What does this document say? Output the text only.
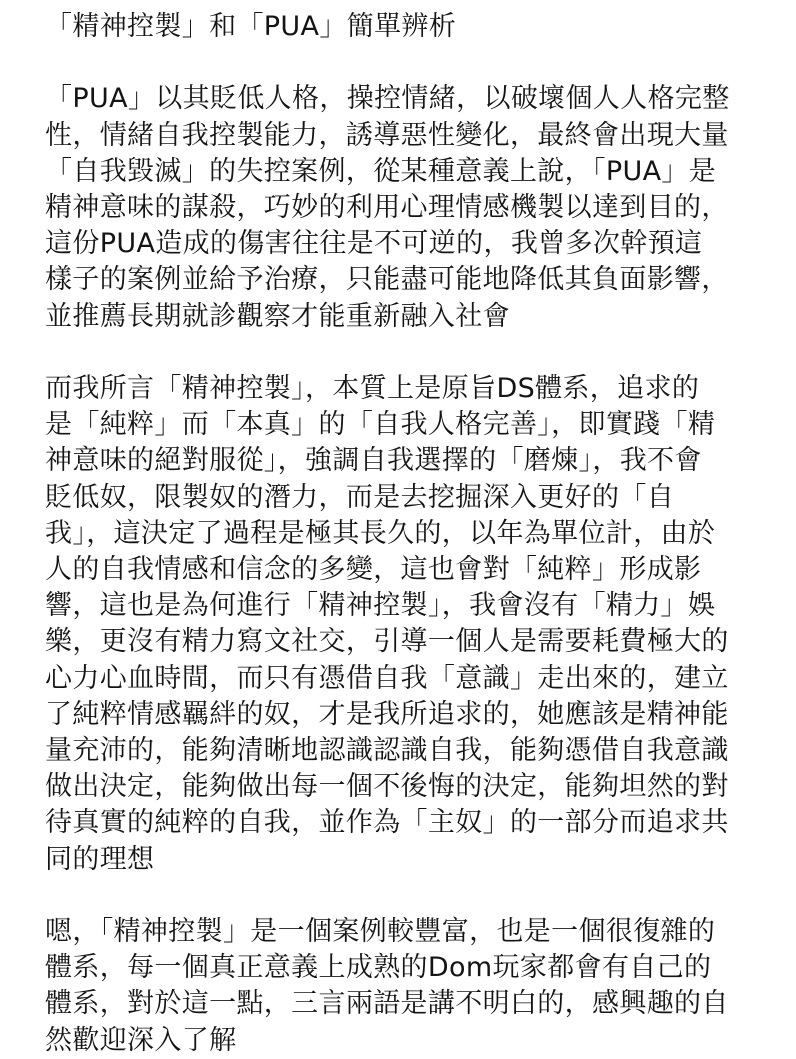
「精神控製」和「PUA」簡單辨析
「PUA」以其貶低人格，操控情緒，以破壞個人人格完整
性，情緒自我控製能力，誘導惡性變化，最終會出現大量
「自我毀滅」的失控案例，從某種意義上說，「PUA」是
精神意味的謀殺，巧妙的利用心理情感機製以達到目的，
這份PUA造成的傷害往往是不可逆的，我曾多次幹預這
樣子的案例並給予治療，只能盡可能地降低其負面影響，
並推薦長期就診觀察才能重新融入社會
而我所言「精神控製」，本質上是原旨DS體系，追求的
是「純粹」而「本真」的「自我人格完善」，即實踐「精
神意味的絕對服從」，強調自我選擇的「磨煉」，我不會
貶低奴，限製奴的潛力，而是去挖掘深入更好的「自
我」，這決定了過程是極其長久的，以年為單位計，由於
人的自我情感和信念的多變，這也會對「純粹」形成影
響，這也是為何進行「精神控製」，我會沒有「精力」娛
樂，更沒有精力寫文社交，引導一個人是需要耗費極大的
心力心血時間，而只有憑借自我「意識」走出來的，建立
了純粹情感羈絆的奴，才是我所追求的，她應該是精神能
量充沛的，能夠清晰地認識認識自我，能夠憑借自我意識
做出決定，能夠做出每一個不後悔的決定，能夠坦然的對
待真實的純粹的自我，並作為「主奴」的一部分而追求共
同的理想
嗯，「精神控製」是一個案例較豐富，也是一個很復雜的
體系，每一個真正意義上成熟的Dom玩家都會有自己的
體系，對於這一點，三言兩語是講不明白的，感興趣的自
然歡迎深入了解
